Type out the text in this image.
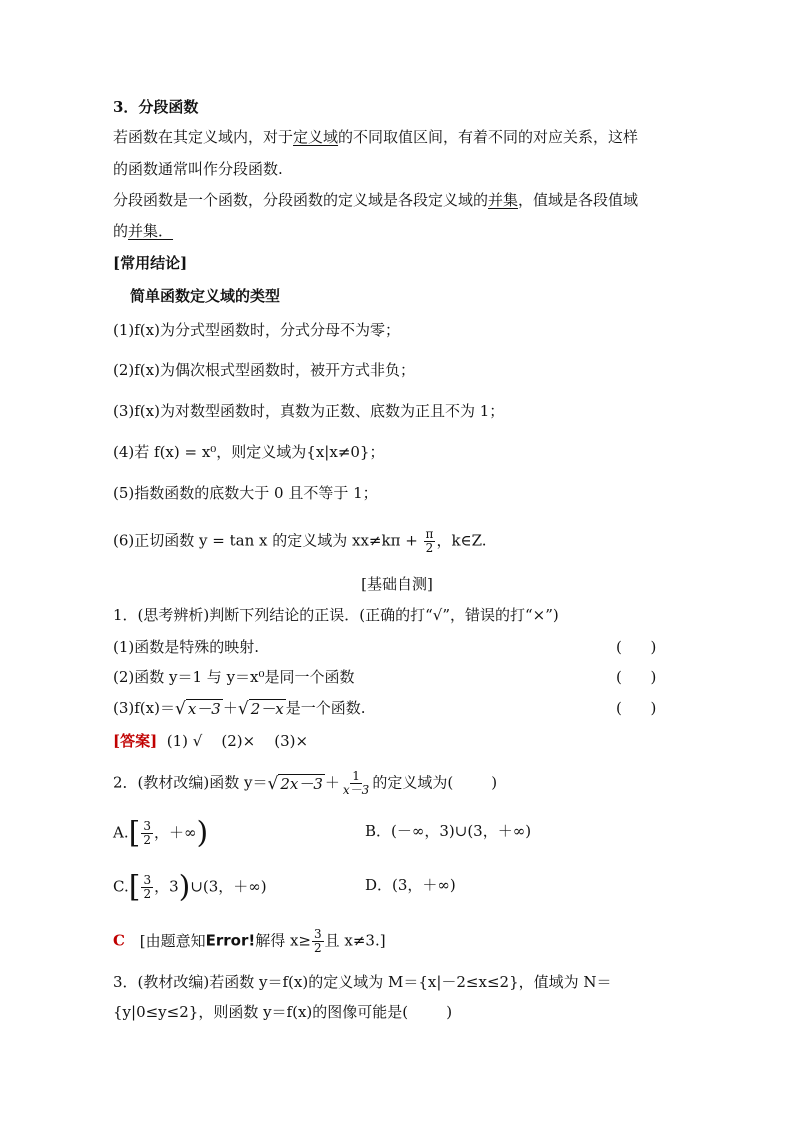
3．分段函数
若函数在其定义域内，对于定义域的不同取值区间，有着不同的对应关系，这样
的函数通常叫作分段函数.
分段函数是一个函数，分段函数的定义域是各段定义域的并集，值域是各段值域
的并集．
[常用结论]
简单函数定义域的类型
(1)f(x)为分式型函数时，分式分母不为零；
(2)f(x)为偶次根式型函数时，被开方式非负；
(3)f(x)为对数型函数时，真数为正数、底数为正且不为 1；
(4)若 f(x) = x⁰，则定义域为{x|x≠0}；
(5)指数函数的底数大于 0 且不等于 1；
(6)正切函数 y = tan x 的定义域为 $xx\ne k\pi + \frac{\pi}{2}$ ，k∈Z.
[基础自测]
1．(思考辨析)判断下列结论的正误．(正确的打“√”，错误的打“×”)
(1)函数是特殊的映射.	(      )
(2)函数 y＝1 与 y＝x⁰是同一个函数	(      )
(3)f(x)＝√ x－3 ＋√ 2－x 是一个函数.	(      )
[答案]  (1) √    (2)×    (3)×
2．(教材改编)函数 y＝√ $2x-3 + \frac{1}{x-3}$ 的定义域为(        )
$A.[ \frac{3}{2}$ ，＋∞)	B．(－∞，3)∪(3，＋∞)
$C.[ \frac{3}{2}$ ，3)∪(3，＋∞)	D．(3，＋∞)
C [由题意知Error!解得 $x\ge \frac{3}{2}$ 且 x≠3.]
3．(教材改编)若函数 y＝f(x)的定义域为 M＝{x|－2≤x≤2}，值域为 N＝
{y|0≤y≤2}，则函数 y＝f(x)的图像可能是(        )
